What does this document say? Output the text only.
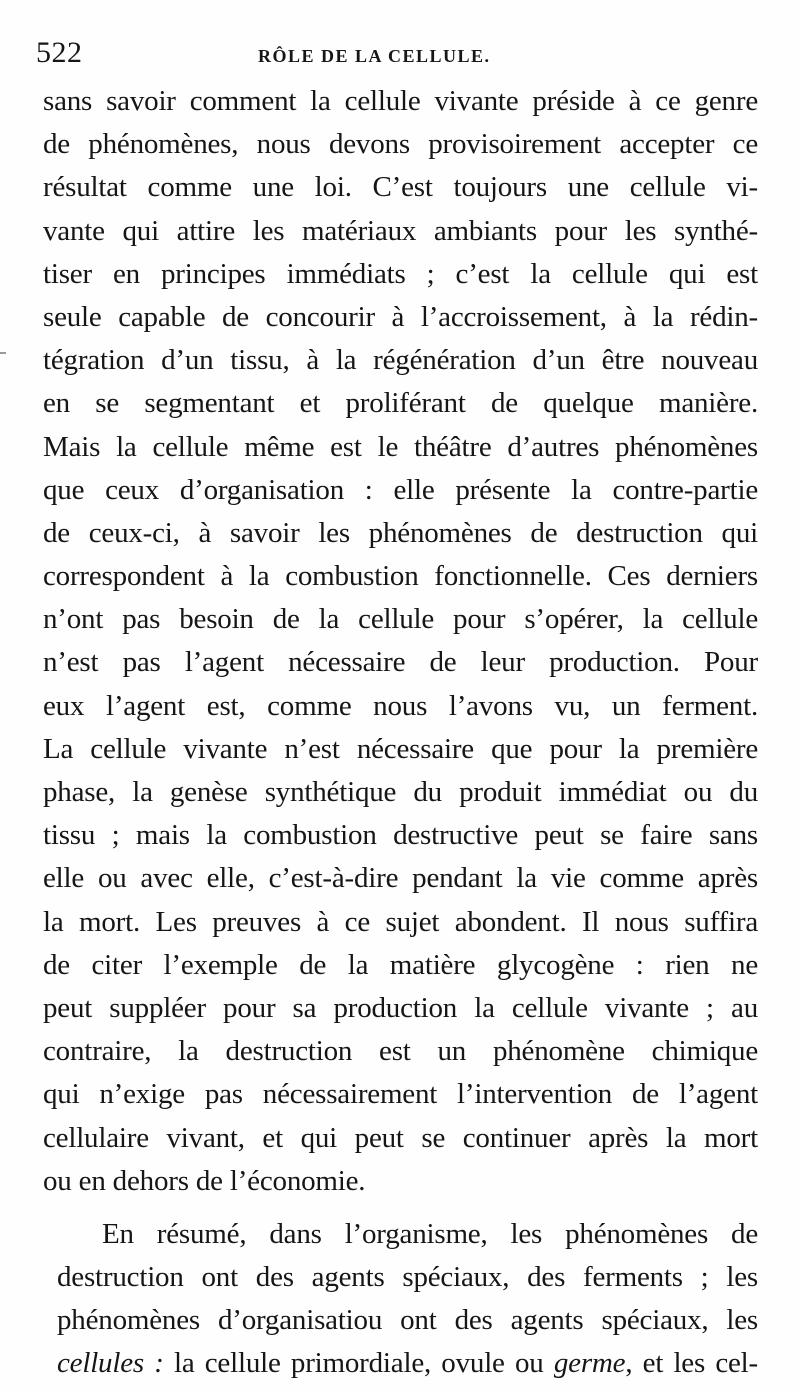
522	RÔLE DE LA CELLULE.
sans savoir comment la cellule vivante préside à ce genre
de phénomènes, nous devons provisoirement accepter ce
résultat comme une loi. C’est toujours une cellule vi-
vante qui attire les matériaux ambiants pour les synthé-
tiser en principes immédiats ; c’est la cellule qui est
seule capable de concourir à l’accroissement, à la rédin-
tégration d’un tissu, à la régénération d’un être nouveau
en se segmentant et proliférant de quelque manière.
Mais la cellule même est le théâtre d’autres phénomènes
que ceux d’organisation : elle présente la contre-partie
de ceux-ci, à savoir les phénomènes de destruction qui
correspondent à la combustion fonctionnelle. Ces derniers
n’ont pas besoin de la cellule pour s’opérer, la cellule
n’est pas l’agent nécessaire de leur production. Pour
eux l’agent est, comme nous l’avons vu, un ferment.
La cellule vivante n’est nécessaire que pour la première
phase, la genèse synthétique du produit immédiat ou du
tissu ; mais la combustion destructive peut se faire sans
elle ou avec elle, c’est-à-dire pendant la vie comme après
la mort. Les preuves à ce sujet abondent. Il nous suffira
de citer l’exemple de la matière glycogène : rien ne
peut suppléer pour sa production la cellule vivante ; au
contraire, la destruction est un phénomène chimique
qui n’exige pas nécessairement l’intervention de l’agent
cellulaire vivant, et qui peut se continuer après la mort
ou en dehors de l’économie.
En résumé, dans l’organisme, les phénomènes de
destruction ont des agents spéciaux, des ferments ; les
phénomènes d’organisatiou ont des agents spéciaux, les
cellules : la cellule primordiale, ovule ou germe, et les cel-
